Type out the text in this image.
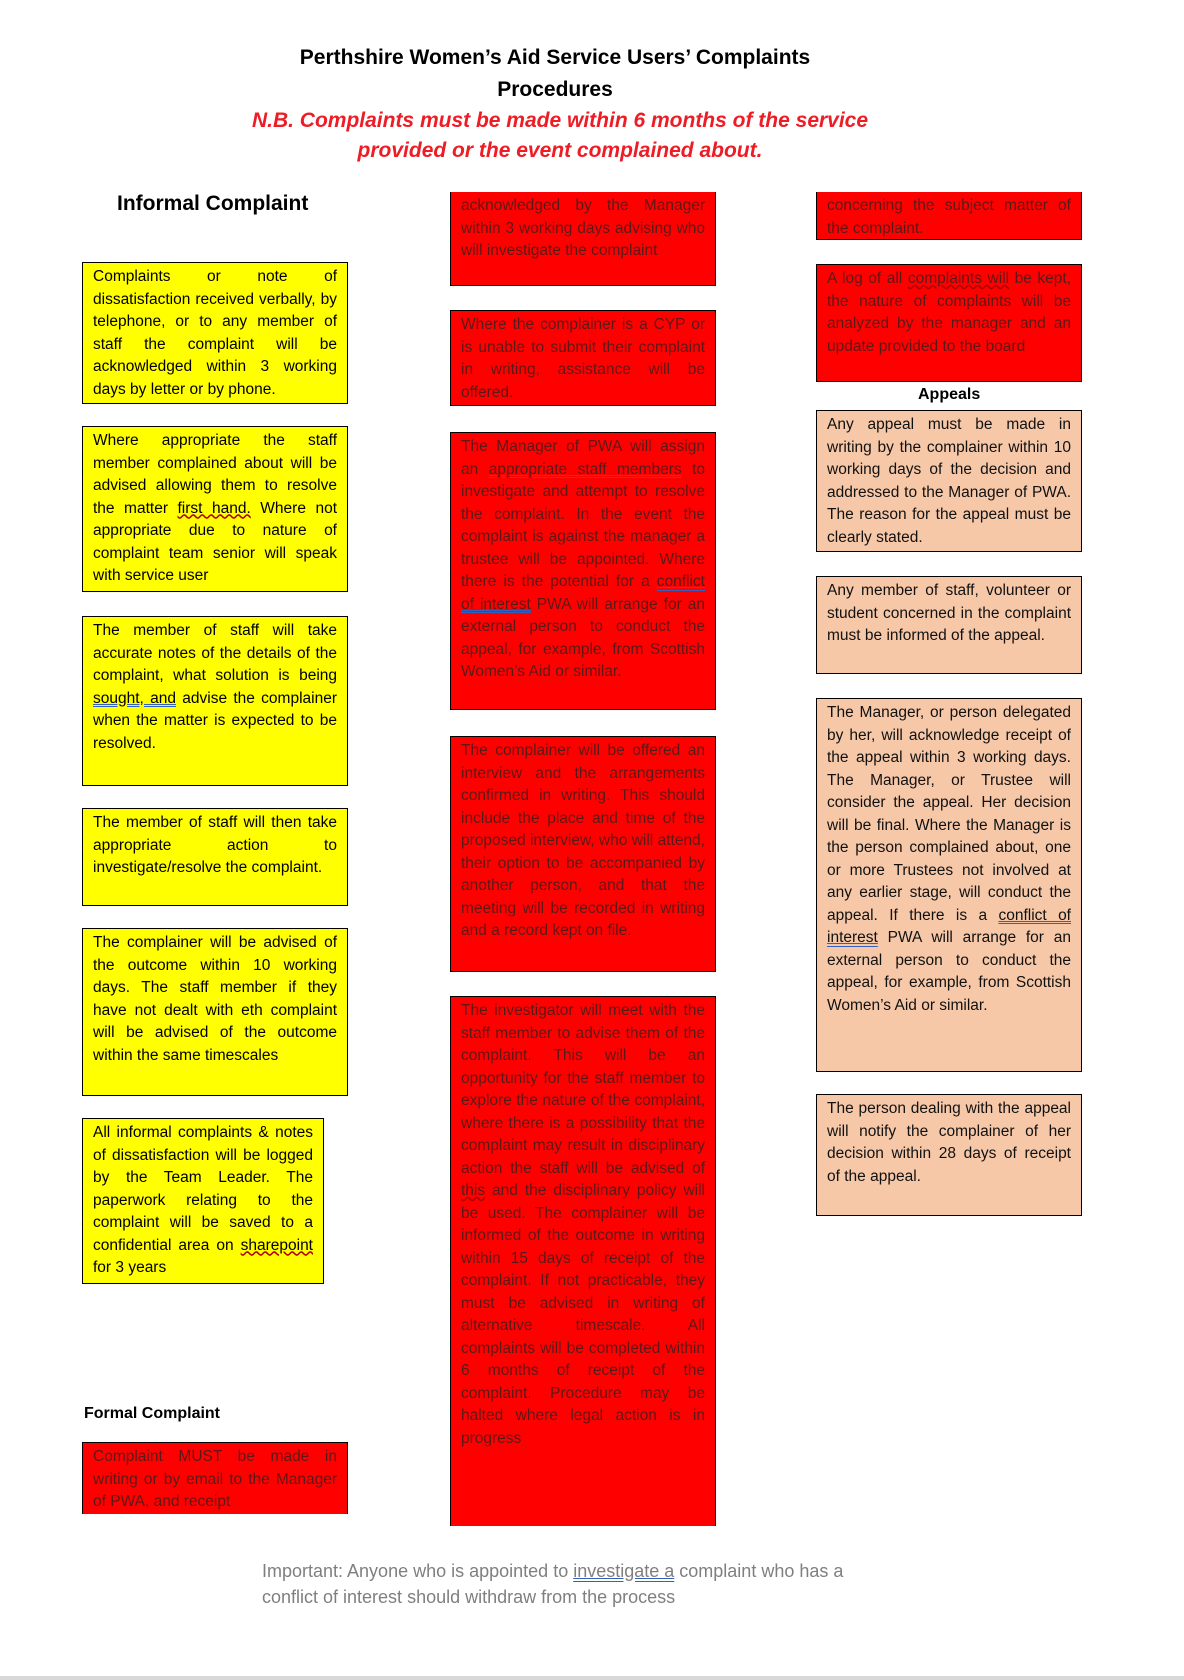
Perthshire Women’s Aid Service Users’ Complaints
Procedures
N.B. Complaints must be made within 6 months of the service
provided or the event complained about.
Informal Complaint
Complaints or note of dissatisfaction received verbally, by telephone, or to any member of staff the complaint will be acknowledged within 3 working days by letter or by phone.
Where appropriate the staff member complained about will be advised allowing them to resolve the matter first hand. Where not appropriate due to nature of complaint team senior will speak with service user
The member of staff will take accurate notes of the details of the complaint, what solution is being sought, and advise the complainer when the matter is expected to be resolved.
The member of staff will then take appropriate action to investigate/resolve the complaint.
The complainer will be advised of the outcome within 10 working days. The staff member if they have not dealt with eth complaint will be advised of the outcome within the same timescales
All informal complaints & notes of dissatisfaction will be logged by the Team Leader. The paperwork relating to the complaint will be saved to a confidential area on sharepoint for 3 years
Formal Complaint
Complaint MUST be made in writing or by email to the Manager of PWA, and receipt
acknowledged by the Manager within 3 working days advising who will investigate the complaint
Where the complainer is a CYP or is unable to submit their complaint in writing, assistance will be offered.
The Manager of PWA will assign an appropriate staff members to investigate and attempt to resolve the complaint. In the event the complaint is against the manager a trustee will be appointed. Where there is the potential for a conflict of interest PWA will arrange for an external person to conduct the appeal, for example, from Scottish Women’s Aid or similar.
The complainer will be offered an interview and the arrangements confirmed in writing. This should include the place and time of the proposed interview, who will attend, their option to be accompanied by another person, and that the meeting will be recorded in writing and a record kept on file.
The investigator will meet with the staff member to advise them of the complaint. This will be an opportunity for the staff member to explore the nature of the complaint, where there is a possibility that the complaint may result in disciplinary action the staff will be advised of this and the disciplinary policy will be used. The complainer will be informed of the outcome in writing within 15 days of receipt of the complaint. If not practicable, they must be advised in writing of alternative timescale. All complaints will be completed within 6 months of receipt of the complaint. Procedure may be halted where legal action is in progress
concerning the subject matter of the complaint.
A log of all complaints will be kept, the nature of complaints will be analyzed by the manager and an update provided to the board
Appeals
Any appeal must be made in writing by the complainer within 10 working days of the decision and addressed to the Manager of PWA. The reason for the appeal must be clearly stated.
Any member of staff, volunteer or student concerned in the complaint must be informed of the appeal.
The Manager, or person delegated by her, will acknowledge receipt of the appeal within 3 working days. The Manager, or Trustee will consider the appeal. Her decision will be final. Where the Manager is the person complained about, one or more Trustees not involved at any earlier stage, will conduct the appeal. If there is a conflict of interest PWA will arrange for an external person to conduct the appeal, for example, from Scottish Women’s Aid or similar.
The person dealing with the appeal will notify the complainer of her decision within 28 days of receipt of the appeal.
Important: Anyone who is appointed to investigate a complaint who has a conflict of interest should withdraw from the process
